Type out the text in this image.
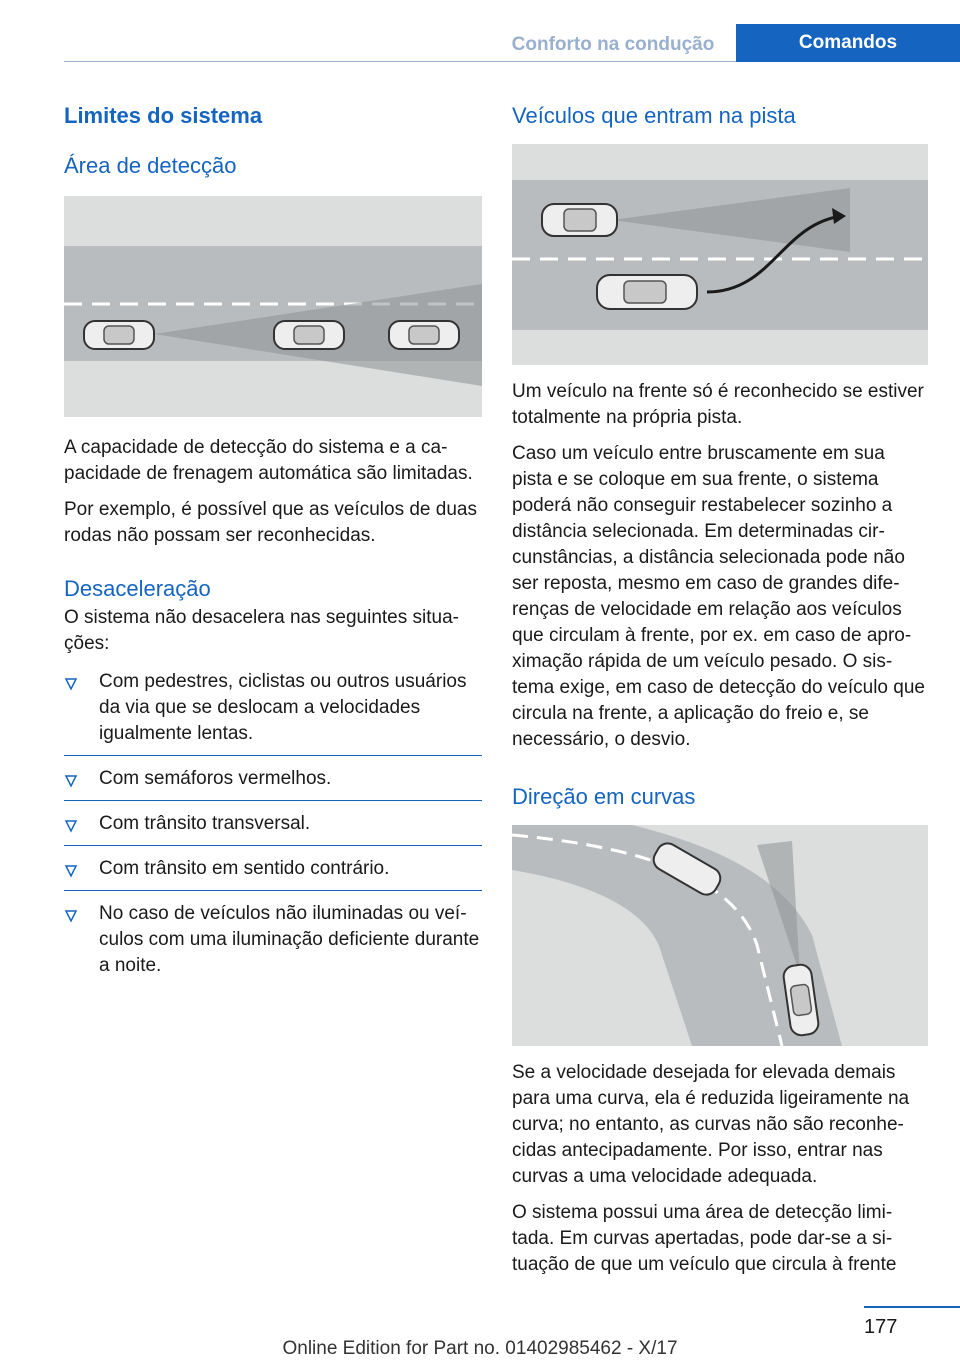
Conforto na condução	Comandos
Limites do sistema
Área de detecção

A capacidade de detecção do sistema e a capacidade de frenagem automática são limitadas.

Por exemplo, é possível que as veículos de duas rodas não possam ser reconhecidas.

Desaceleração

O sistema não desacelera nas seguintes situações:

Com pedestres, ciclistas ou outros usuários da via que se deslocam a velocidades igualmente lentas.
Com semáforos vermelhos.
Com trânsito transversal.
Com trânsito em sentido contrário.
No caso de veículos não iluminadas ou veículos com uma iluminação deficiente durante a noite.
Veículos que entram na pista

Um veículo na frente só é reconhecido se estiver totalmente na própria pista.

Caso um veículo entre bruscamente em sua pista e se coloque em sua frente, o sistema poderá não conseguir restabelecer sozinho a distância selecionada. Em determinadas circunstâncias, a distância selecionada pode não ser reposta, mesmo em caso de grandes diferenças de velocidade em relação aos veículos que circulam à frente, por ex. em caso de aproximação rápida de um veículo pesado. O sistema exige, em caso de detecção do veículo que circula na frente, a aplicação do freio e, se necessário, o desvio.

Direção em curvas

Se a velocidade desejada for elevada demais para uma curva, ela é reduzida ligeiramente na curva; no entanto, as curvas não são reconhecidas antecipadamente. Por isso, entrar nas curvas a uma velocidade adequada.

O sistema possui uma área de detecção limitada. Em curvas apertadas, pode dar-se a situação de que um veículo que circula à frente

177
Online Edition for Part no. 01402985462 - X/17
